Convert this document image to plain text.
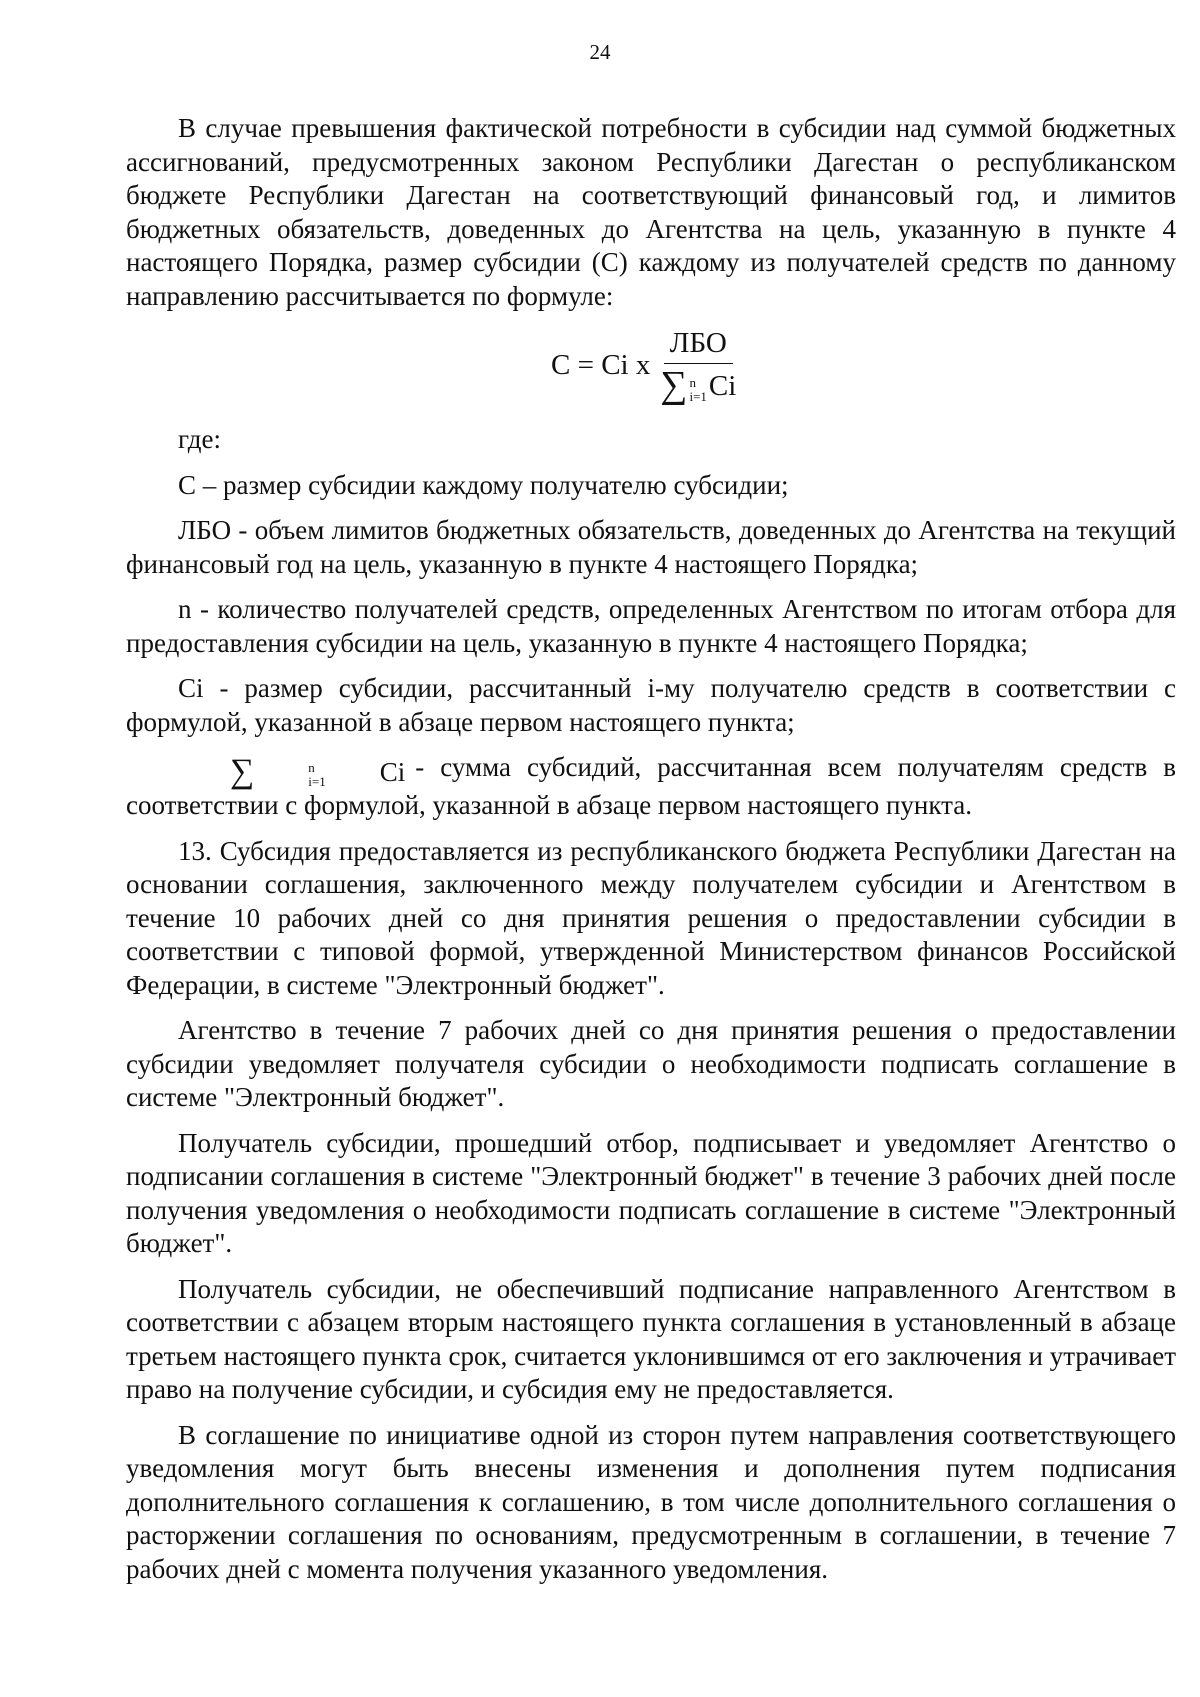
24

В случае превышения фактической потребности в субсидии над суммой бюджетных ассигнований, предусмотренных законом Республики Дагестан о республиканском бюджете Республики Дагестан на соответствующий финансовый год, и лимитов бюджетных обязательств, доведенных до Агентства на цель, указанную в пункте 4 настоящего Порядка, размер субсидии (С) каждому из получателей средств по данному направлению рассчитывается по формуле:

С = Ci x
ЛБО
∑ n
i=1 Ci

где:

С – размер субсидии каждому получателю субсидии;

ЛБО - объем лимитов бюджетных обязательств, доведенных до Агентства на текущий финансовый год на цель, указанную в пункте 4 настоящего Порядка;

n - количество получателей средств, определенных Агентством по итогам отбора для предоставления субсидии на цель, указанную в пункте 4 настоящего Порядка;

Ci - размер субсидии, рассчитанный i-му получателю средств в соответствии с формулой, указанной в абзаце первом настоящего пункта;

∑	n
i=1	Ci - сумма субсидий, рассчитанная всем получателям средств в соответствии с формулой, указанной в абзаце первом настоящего пункта.

13. Субсидия предоставляется из республиканского бюджета Республики Дагестан на основании соглашения, заключенного между получателем субсидии и Агентством в течение 10 рабочих дней со дня принятия решения о предоставлении субсидии в соответствии с типовой формой, утвержденной Министерством финансов Российской Федерации, в системе "Электронный бюджет".

Агентство в течение 7 рабочих дней со дня принятия решения о предоставлении субсидии уведомляет получателя субсидии о необходимости подписать соглашение в системе "Электронный бюджет".

Получатель субсидии, прошедший отбор, подписывает и уведомляет Агентство о подписании соглашения в системе "Электронный бюджет" в течение 3 рабочих дней после получения уведомления о необходимости подписать соглашение в системе "Электронный бюджет".

Получатель субсидии, не обеспечивший подписание направленного Агентством в соответствии с абзацем вторым настоящего пункта соглашения в установленный в абзаце третьем настоящего пункта срок, считается уклонившимся от его заключения и утрачивает право на получение субсидии, и субсидия ему не предоставляется.

В соглашение по инициативе одной из сторон путем направления соответствующего уведомления могут быть внесены изменения и дополнения путем подписания дополнительного соглашения к соглашению, в том числе дополнительного соглашения о расторжении соглашения по основаниям, предусмотренным в соглашении, в течение 7 рабочих дней с момента получения указанного уведомления.
